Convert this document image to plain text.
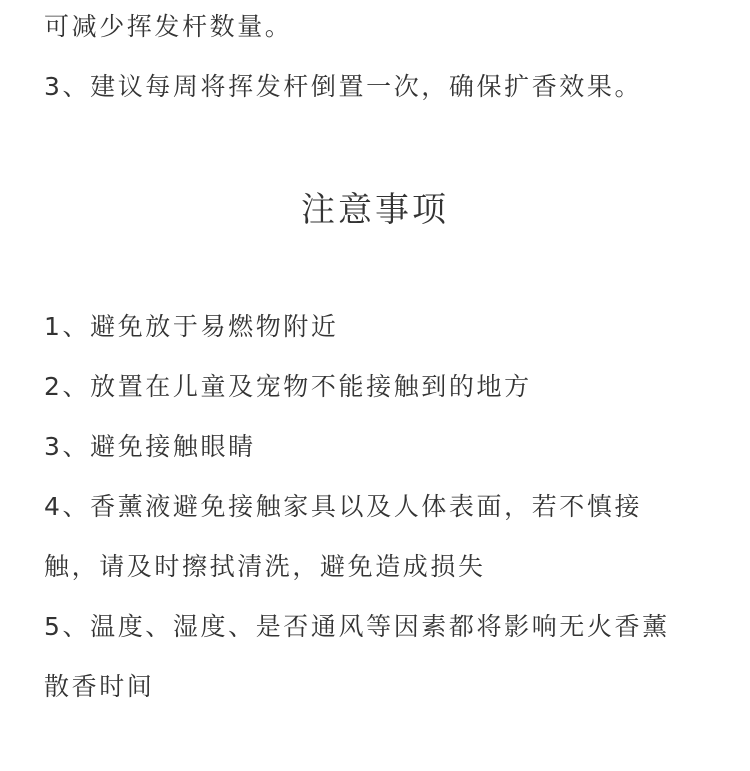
可减少挥发杆数量。
3、建议每周将挥发杆倒置一次，确保扩香效果。
注意事项
1、避免放于易燃物附近
2、放置在儿童及宠物不能接触到的地方
3、避免接触眼睛
4、香薰液避免接触家具以及人体表面，若不慎接
触，请及时擦拭清洗，避免造成损失
5、温度、湿度、是否通风等因素都将影响无火香薰
散香时间
